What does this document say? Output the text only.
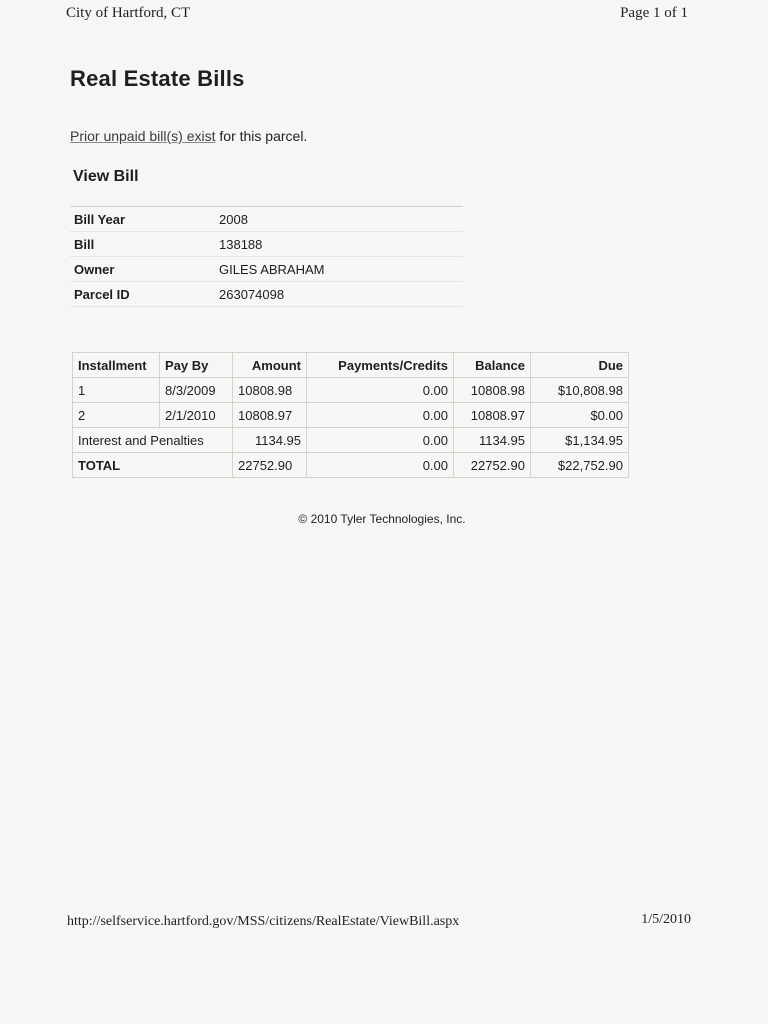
City of Hartford, CT	Page 1 of 1
Real Estate Bills
Prior unpaid bill(s) exist for this parcel.
View Bill
Bill Year	2008
Bill	138188
Owner	GILES ABRAHAM
Parcel ID	263074098
Installment	Pay By	Amount	Payments/Credits	Balance	Due
1	8/3/2009	10808.98	0.00	10808.98	$10,808.98
2	2/1/2010	10808.97	0.00	10808.97	$0.00
Interest and Penalties		1134.95	0.00	1134.95	$1,134.95
TOTAL		22752.90	0.00	22752.90	$22,752.90
© 2010 Tyler Technologies, Inc.
http://selfservice.hartford.gov/MSS/citizens/RealEstate/ViewBill.aspx	1/5/2010
